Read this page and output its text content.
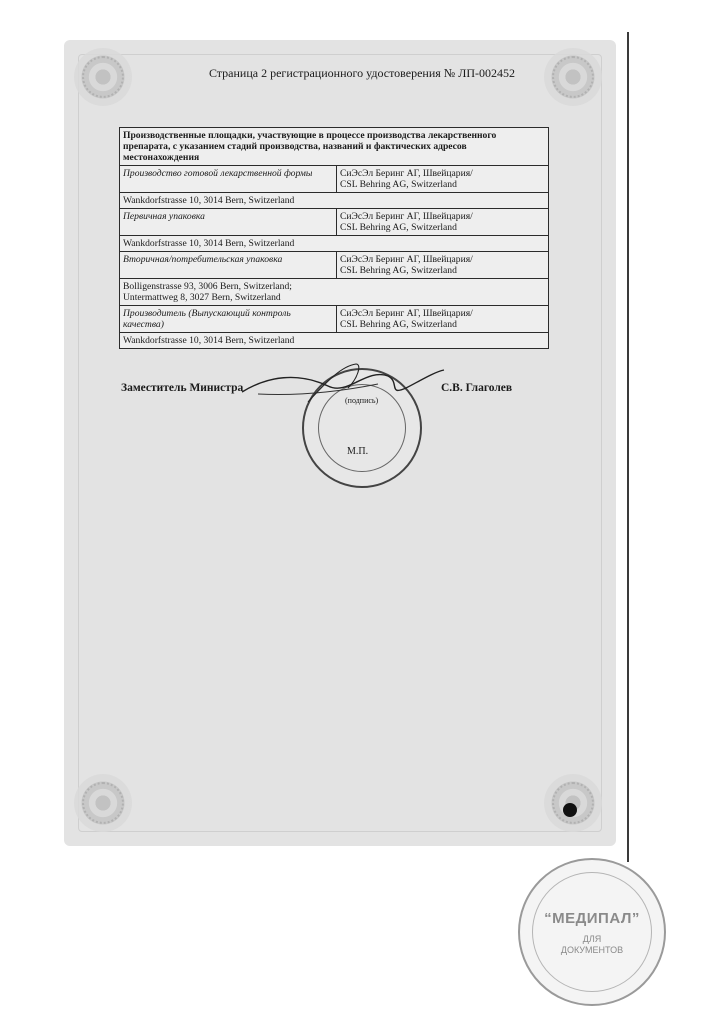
Страница 2 регистрационного удостоверения № ЛП-002452
Производственные площадки, участвующие в процессе производства лекарственного препарата, с указанием стадий производства, названий и фактических адресов местонахождения	
Производство готовой лекарственной формы	СиЭсЭл Беринг АГ, Швейцария/
CSL Behring AG, Switzerland

Wankdorfstrasse 10, 3014 Bern, Switzerland	

Первичная упаковка	СиЭсЭл Беринг АГ, Швейцария/
CSL Behring AG, Switzerland

Wankdorfstrasse 10, 3014 Bern, Switzerland	

Вторичная/потребительская упаковка	СиЭсЭл Беринг АГ, Швейцария/
CSL Behring AG, Switzerland

Bolligenstrasse 93, 3006 Bern, Switzerland;
Untermattweg 8, 3027 Bern, Switzerland	

Производитель (Выпускающий контроль качества)	СиЭсЭл Беринг АГ, Швейцария/
CSL Behring AG, Switzerland

Wankdorfstrasse 10, 3014 Bern, Switzerland	
Заместитель Министра	С.В. Глаголев
(подпись)
М.П.
“МЕДИПАЛ”
ДЛЯ
ДОКУМЕНТОВ
